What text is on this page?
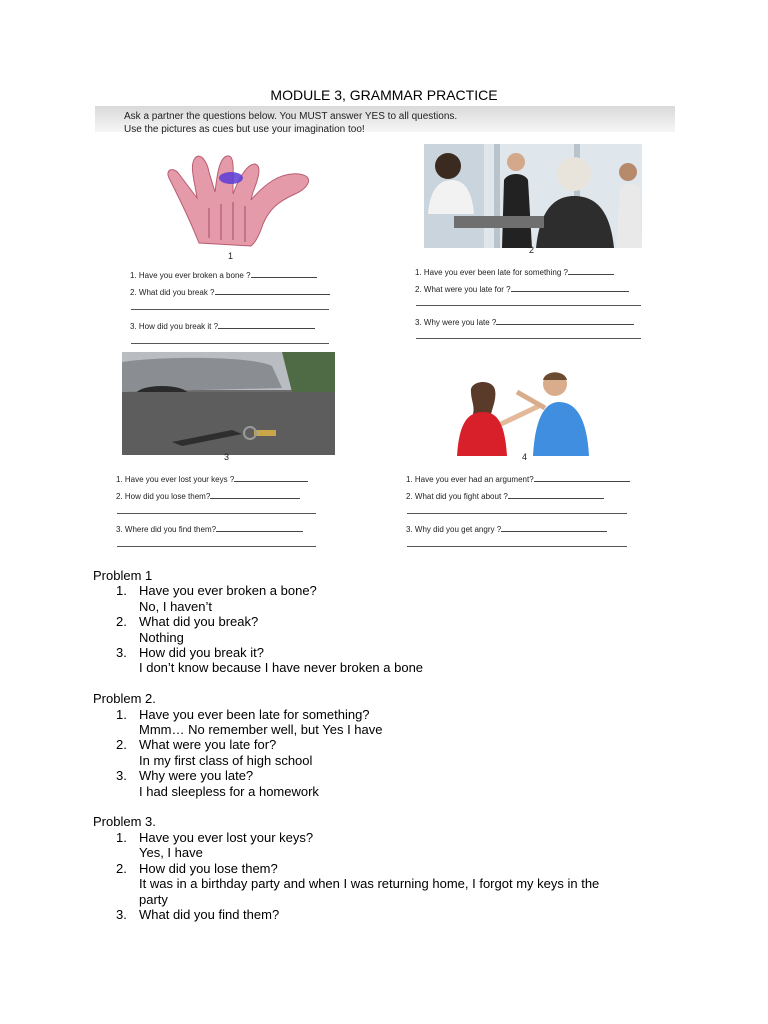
MODULE 3, GRAMMAR PRACTICE
Ask a partner the questions below. You MUST answer YES to all questions.
Use the pictures as cues but use your imagination too!
1
1. Have you ever broken a bone ?
2. What did you break ?
3. How did you break it ?
2
1. Have you ever been late for something ?
2. What were you late for ?
3. Why were you late ?
3
1. Have you ever lost your keys ?
2. How did you lose them?
3. Where did you find them?
4
1. Have you ever had an argument?
2. What did you fight about ?
3. Why did you get angry ?
Problem 1
1. Have you ever broken a bone?
No, I haven’t
2. What did you break?
Nothing
3. How did you break it?
I don’t know because I have never broken a bone
Problem 2.
1. Have you ever been late for something?
Mmm… No remember well, but Yes I have
2. What were you late for?
In my first class of high school
3. Why were you late?
I had sleepless for a homework
Problem 3.
1. Have you ever lost your keys?
Yes, I have
2. How did you lose them?
It was in a birthday party and when I was returning home, I forgot my keys in the
party
3. What did you find them?
